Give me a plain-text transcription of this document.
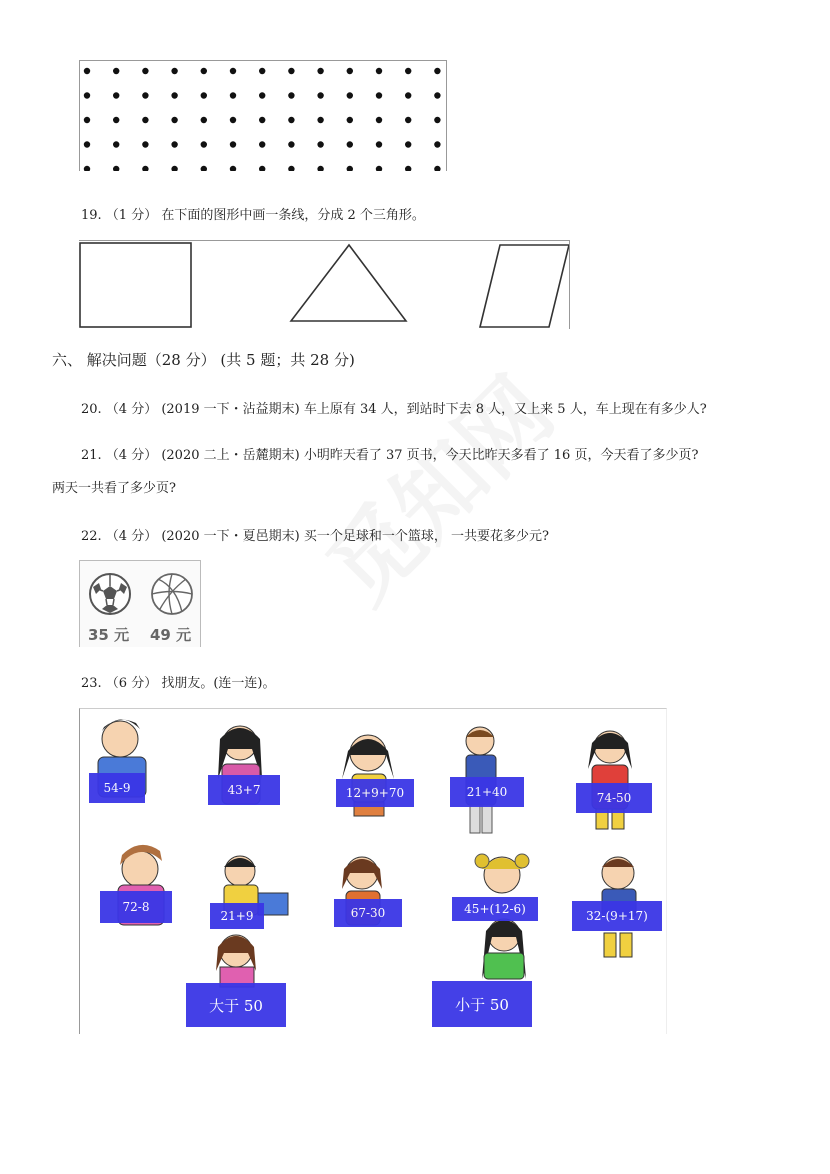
19. （1 分） 在下面的图形中画一条线，分成 2 个三角形。
六、 解决问题（28 分） (共 5 题；共 28 分)
20. （4 分） (2019 一下・沾益期末) 车上原有 34 人，到站时下去 8 人，又上来 5 人，车上现在有多少人?
21. （4 分） (2020 二上・岳麓期末) 小明昨天看了 37 页书，今天比昨天多看了 16 页，今天看了多少页?
两天一共看了多少页?
22. （4 分） (2020 一下・夏邑期末) 买一个足球和一个篮球， 一共要花多少元?
35 元 49 元
23. （6 分） 找朋友。(连一连)。
54-9	43+7	12+9+70	21+40	74-50
72-8
21+9	67-30	45+(12-6)	32-(9+17)
大于 50	小于 50
